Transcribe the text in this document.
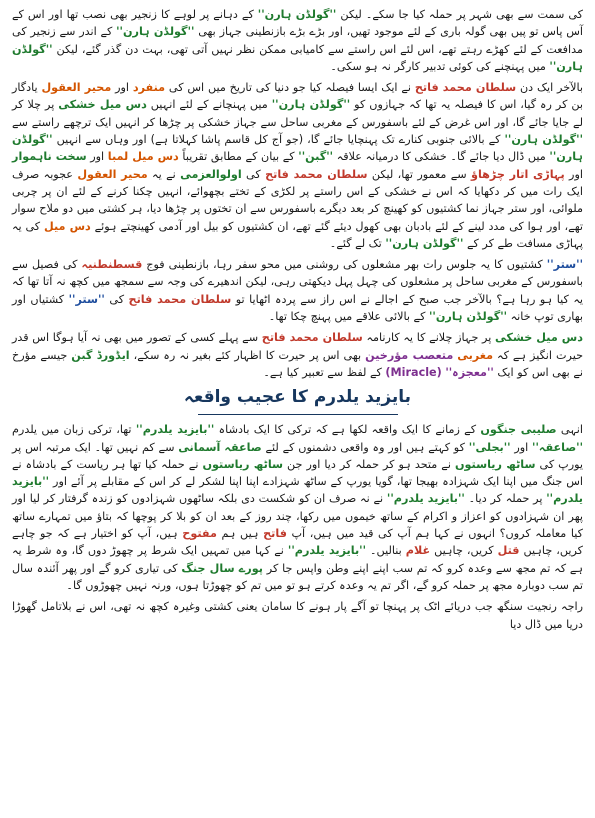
کی سمت سے بھی شہر پر حملہ کیا جا سکے۔ لیکن ''گولڈن ہارن'' کے دہانے پر لوہے کا زنجیر بھی نصب تھا اور اس کے آس پاس تو پیں بھی گولہ باری کے لئے موجود تھیں، اور بڑے بڑے بازنطینی جہاز بھی ''گولڈن ہارن'' کے اندر سے زنجیر کی مدافعت کے لئے کھڑے رہتے تھے، اس لئے اس راستے سے کامیابی ممکن نظر نہیں آتی تھی، بہت دن گذر گئے، لیکن ''گولڈن ہارن'' میں پہنچنے کی کوئی تدبیر کارگر نہ ہو سکی۔

بالآخر ایک دن سلطان محمد فاتح نے ایک ایسا فیصلہ کیا جو دنیا کی تاریخ میں اس کی منفرد اور محیر العقول یادگار بن کر رہ گیا، اس کا فیصلہ یہ تھا کہ جہازوں کو ''گولڈن ہارن'' میں پہنچانے کے لئے انہیں دس میل خشکی پر چلا کر لے جایا جائے گا، اور اس غرض کے لئے باسفورس کے مغربی ساحل سے جہاز خشکی پر چڑھا کر انہیں ایک ترچھے راستے سے ''گولڈن ہارن'' کے بالائی جنوبی کنارے تک پہنچایا جائے گا، (جو آج کل قاسم پاشا کہلاتا ہے) اور وہاں سے انہیں ''گولڈن ہارن'' میں ڈال دیا جائے گا۔ خشکی کا درمیانہ علاقہ ''گبن'' کے بیان کے مطابق تقریباً دس میل لمبا اور سخت ناہموار اور پہاڑی اتار چڑھاؤ سے معمور تھا، لیکن سلطان محمد فاتح کی اولوالعزمی نے یہ محیر العقول عجوبہ صرف ایک رات میں کر دکھایا کہ اس نے خشکی کے اس راستے پر لکڑی کے تختے بچھوائے، انہیں چکنا کرنے کے لئے ان پر چربی ملوائی، اور ستر جہاز نما کشتیوں کو کھینچ کر بعد دیگرے باسفورس سے ان تختوں پر چڑھا دیا، ہر کشتی میں دو ملاح سوار تھے، اور ہوا کی مدد لینے کے لئے بادبان بھی کھول دیئے گئے تھے، ان کشتیوں کو بیل اور آدمی کھینچتے ہوئے دس میل کی یہ پہاڑی مسافت طے کر کے ''گولڈن ہارن'' تک لے گئے۔

''ستر'' کشتیوں کا یہ جلوس رات بھر مشعلوں کی روشنی میں محو سفر رہا، بازنطینی فوج قسطنطنیہ کی فصیل سے باسفورس کے مغربی ساحل پر مشعلوں کی چہل پہل دیکھتی رہی، لیکن اندھیرے کی وجہ سے سمجھ میں کچھ نہ آتا تھا کہ یہ کیا ہو رہا ہے؟ بالآخر جب صبح کے اجالے نے اس راز سے پردہ اٹھایا تو سلطان محمد فاتح کی ''ستر'' کشتیاں اور بھاری توپ خانہ ''گولڈن ہارن'' کے بالائی علاقے میں پہنچ چکا تھا۔

دس میل خشکی پر جہاز چلانے کا یہ کارنامہ سلطان محمد فاتح سے پہلے کسی کے تصور میں بھی نہ آیا ہوگا اس قدر حیرت انگیز ہے کہ مغربی متعصب مؤرخین بھی اس پر حیرت کا اظہار کئے بغیر نہ رہ سکے، ایڈورڈ گبن جیسے مؤرخ نے بھی اس کو ایک ''معجزہ'' (Miracle) کے لفظ سے تعبیر کیا ہے۔

بایزید یلدرم کا عجیب واقعہ

انہی صلیبی جنگوں کے زمانے کا ایک واقعہ لکھا ہے کہ ترکی کا ایک بادشاہ ''بایزید یلدرم'' تھا، ترکی زبان میں یلدرم ''صاعقہ'' اور ''بجلی'' کو کہتے ہیں اور وہ واقعی دشمنوں کے لئے صاعقہ آسمانی سے کم نہیں تھا۔ ایک مرتبہ اس پر یورپ کی ساٹھ ریاستوں نے متحد ہو کر حملہ کر دیا اور جن ساٹھ ریاستوں نے حملہ کیا تھا ہر ریاست کے بادشاہ نے اس جنگ میں اپنا ایک شہزادہ بھیجا تھا، گویا یورپ کے ساٹھ شہزادے اپنا اپنا لشکر لے کر اس کے مقابلے پر آئے اور ''بایزید یلدرم'' پر حملہ کر دیا۔ ''بایزید یلدرم'' نے نہ صرف ان کو شکست دی بلکہ ساٹھوں شہزادوں کو زندہ گرفتار کر لیا اور پھر ان شہزادوں کو اعزاز و اکرام کے ساتھ خیموں میں رکھا، چند روز کے بعد ان کو بلا کر پوچھا کہ بتاؤ میں تمہارے ساتھ کیا معاملہ کروں؟ انہوں نے کہا ہم آپ کی قید میں ہیں، آپ فاتح ہیں ہم مفتوح ہیں، آپ کو اختیار ہے کہ جو چاہے کریں، چاہیں قتل کریں، چاہیں غلام بنالیں۔ ''بایزید یلدرم'' نے کہا میں تمہیں ایک شرط پر چھوڑ دوں گا، وہ شرط یہ ہے کہ تم مجھ سے وعدہ کرو کہ تم سب اپنے اپنے وطن واپس جا کر پورے سال جنگ کی تیاری کرو گے اور پھر آئندہ سال تم سب دوبارہ مجھ پر حملہ کرو گے، اگر تم یہ وعدہ کرتے ہو تو میں تم کو چھوڑتا ہوں، ورنہ نہیں چھوڑوں گا۔

راجہ رنجیت سنگھ جب دریائے اٹک پر پہنچا تو آگے پار ہونے کا سامان یعنی کشتی وغیرہ کچھ نہ تھی، اس نے بلاتامل گھوڑا دریا میں ڈال دیا
